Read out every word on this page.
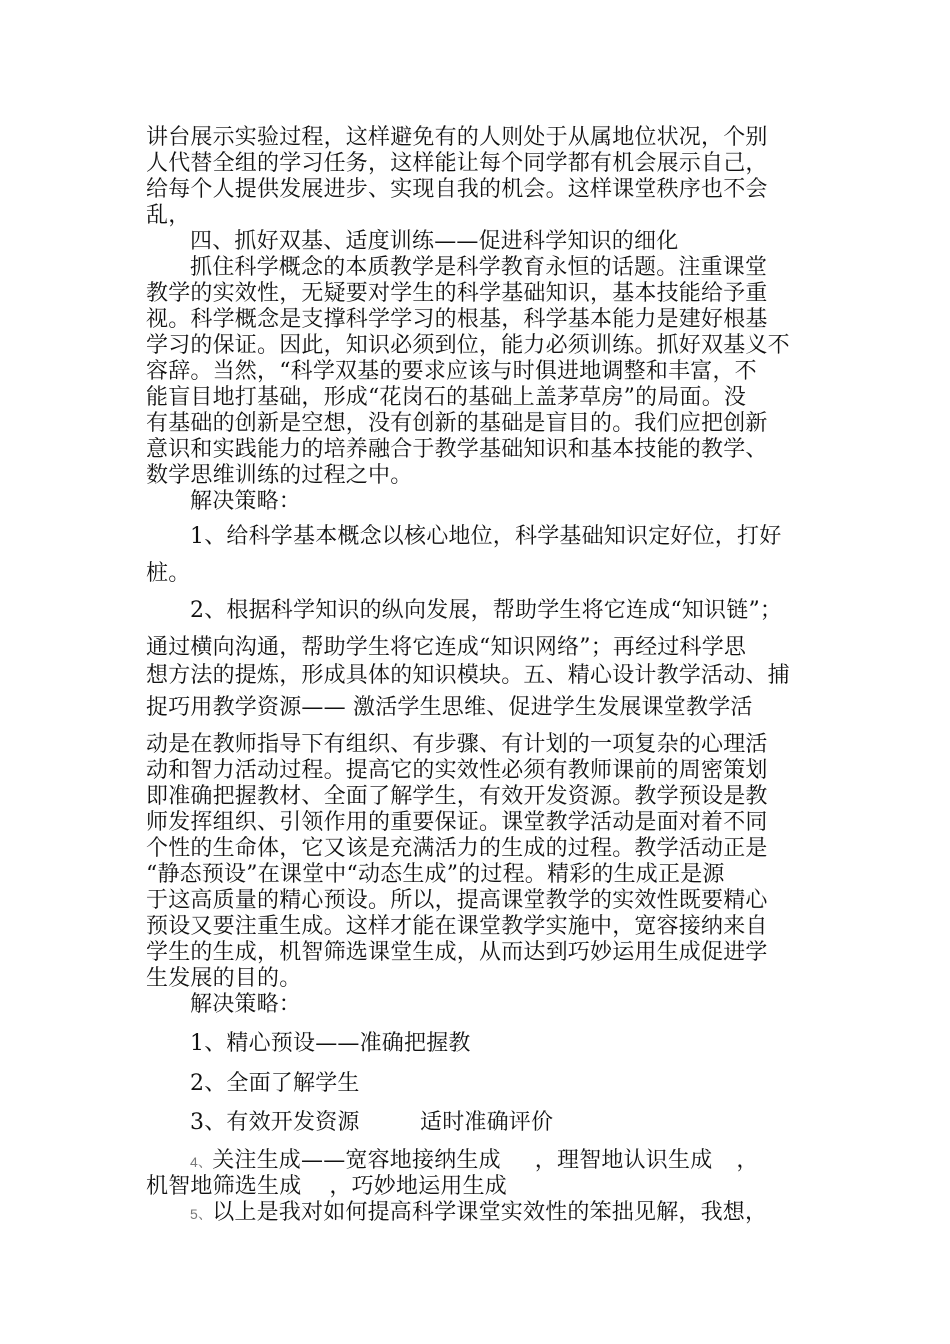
讲台展示实验过程，这样避免有的人则处于从属地位状况，个别
人代替全组的学习任务，这样能让每个同学都有机会展示自己，
给每个人提供发展进步、实现自我的机会。这样课堂秩序也不会
乱，
四、抓好双基、适度训练——促进科学知识的细化
抓住科学概念的本质教学是科学教育永恒的话题。注重课堂
教学的实效性，无疑要对学生的科学基础知识，基本技能给予重
视。科学概念是支撑科学学习的根基，科学基本能力是建好根基
学习的保证。因此，知识必须到位，能力必须训练。抓好双基义不
容辞。当然，“科学双基的要求应该与时俱进地调整和丰富，不
能盲目地打基础，形成“花岗石的基础上盖茅草房”的局面。没
有基础的创新是空想，没有创新的基础是盲目的。我们应把创新
意识和实践能力的培养融合于教学基础知识和基本技能的教学、
数学思维训练的过程之中。
解决策略：
1、给科学基本概念以核心地位，科学基础知识定好位，打好
桩。
2、根据科学知识的纵向发展，帮助学生将它连成“知识链”；
通过横向沟通，帮助学生将它连成“知识网络”；再经过科学思
想方法的提炼，形成具体的知识模块。五、精心设计教学活动、捕
捉巧用教学资源—— 激活学生思维、促进学生发展课堂教学活
动是在教师指导下有组织、有步骤、有计划的一项复杂的心理活
动和智力活动过程。提高它的实效性必须有教师课前的周密策划
即准确把握教材、全面了解学生，有效开发资源。教学预设是教
师发挥组织、引领作用的重要保证。课堂教学活动是面对着不同
个性的生命体，它又该是充满活力的生成的过程。教学活动正是
“静态预设”在课堂中“动态生成”的过程。精彩的生成正是源
于这高质量的精心预设。所以，提高课堂教学的实效性既要精心
预设又要注重生成。这样才能在课堂教学实施中，宽容接纳来自
学生的生成，机智筛选课堂生成，从而达到巧妙运用生成促进学
生发展的目的。
解决策略：
1、精心预设——准确把握教
2、全面了解学生
3、有效开发资源	适时准确评价
4、关注生成——宽容地接纳生成 ，理智地认识生成 ，
机智地筛选生成 ，巧妙地运用生成
5、以上是我对如何提高科学课堂实效性的笨拙见解，我想，
